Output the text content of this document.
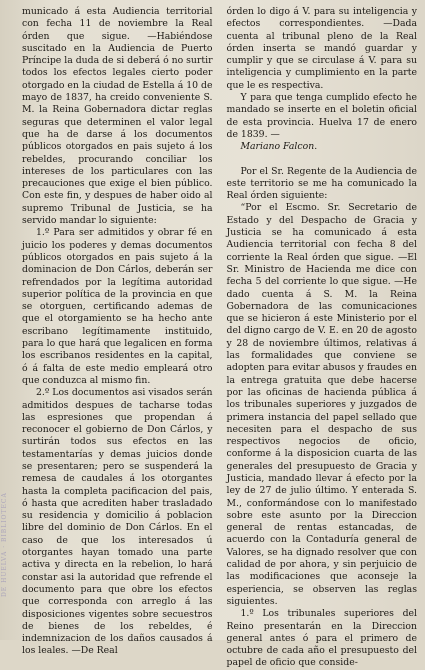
DE HUELVA · BIBLIOTECA

municado á esta Audiencia territorial con fecha 11 de noviembre la Real órden que sigue. —Habiéndose suscitado en la Audiencia de Puerto Príncipe la duda de si deberá ó no surtir todos los efectos legales cierto poder otorgado en la ciudad de Estella á 10 de mayo de 1837, ha creido conveniente S. M. la Reina Gobernadora dictar reglas seguras que determinen el valor legal que ha de darse á los documentos públicos otorgados en pais sujeto á los rebeldes, procurando conciliar los intereses de los particulares con las precauciones que exige el bien público. Con este fin, y despues de haber oido al supremo Tribunal de Justicia, se ha servido mandar lo siguiente:

1.º Para ser admitidos y obrar fé en juicio los poderes y demas documentos públicos otorgados en pais sujeto á la dominacion de Don Cárlos, deberán ser refrendados por la legítima autoridad superior política de la provincia en que se otorguen, certificando ademas de que el otorgamiento se ha hecho ante escribano legítimamente instituido, para lo que hará que legalicen en forma los escribanos residentes en la capital, ó á falta de este medio empleará otro que conduzca al mismo fin.

2.º Los documentos asi visados serán admitidos despues de tacharse todas las espresiones que propendan á reconocer el gobierno de Don Cárlos, y surtirán todos sus efectos en las testamentarías y demas juicios donde se presentaren; pero se suspenderá la remesa de caudales á los otorgantes hasta la completa pacificacion del pais, ó hasta que acrediten haber trasladado su residencia y domicilio á poblacion libre del dominio de Don Cárlos. En el caso de que los interesados ú otorgantes hayan tomado una parte activa y directa en la rebelion, lo hará constar asi la autoridad que refrende el documento para que obre los efectos que corresponda con arreglo á las disposiciones vigentes sobre secuestros de bienes de los rebeldes, é indemnizacion de los daños causados á los leales. —De Real

órden lo digo á V. para su inteligencia y efectos correspondientes. —Dada cuenta al tribunal pleno de la Real órden inserta se mandó guardar y cumplir y que se circulase á V. para su inteligencia y cumplimiento en la parte que le es respectiva.

Y para que tenga cumplido efecto he mandado se inserte en el boletin oficial de esta provincia. Huelva 17 de enero de 1839. —

Mariano Falcon.

Por el Sr. Regente de la Audiencia de este territorio se me ha comunicado la Real órden siguiente:

“Por el Escmo. Sr. Secretario de Estado y del Despacho de Gracia y Justicia se ha comunicado á esta Audiencia territorial con fecha 8 del corriente la Real órden que sigue. —El Sr. Ministro de Hacienda me dice con fecha 5 del corriente lo que sigue. —He dado cuenta á S. M. la Reina Gobernadora de las comunicaciones que se hicieron á este Ministerio por el del digno cargo de V. E. en 20 de agosto y 28 de noviembre últimos, relativas á las formalidades que conviene se adopten para evitar abusos y fraudes en la entrega gratuita que debe hacerse por las oficinas de hacienda pública á los tribunales superiores y juzgados de primera instancia del papel sellado que necesiten para el despacho de sus respectivos negocios de oficio, conforme á la disposicion cuarta de las generales del presupuesto de Gracia y Justicia, mandado llevar á efecto por la ley de 27 de julio último. Y enterada S. M., conformándose con lo manifestado sobre este asunto por la Direccion general de rentas estancadas, de acuerdo con la Contaduría general de Valores, se ha dignado resolver que con calidad de por ahora, y sin perjuicio de las modificaciones que aconseje la esperiencia, se observen las reglas siguientes.

1.º Los tribunales superiores del Reino presentarán en la Direccion general antes ó para el primero de octubre de cada año el presupuesto del papel de oficio que conside-
